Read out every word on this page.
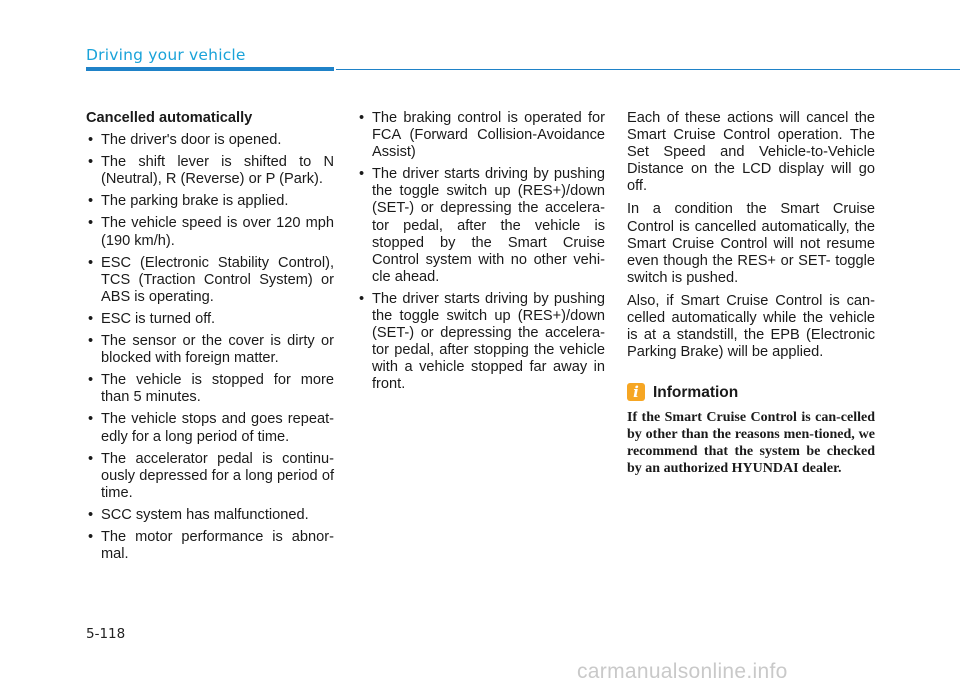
Driving your vehicle
Cancelled automatically
• The driver's door is opened.
• The shift lever is shifted to N (Neutral), R (Reverse) or P (Park).
• The parking brake is applied.
• The vehicle speed is over 120 mph (190 km/h).
• ESC (Electronic Stability Control), TCS (Traction Control System) or ABS is operating.
• ESC is turned off.
• The sensor or the cover is dirty or blocked with foreign matter.
• The vehicle is stopped for more than 5 minutes.
• The vehicle stops and goes repeat-edly for a long period of time.
• The accelerator pedal is continu-ously depressed for a long period of time.
• SCC system has malfunctioned.
• The motor performance is abnor-mal.
• The braking control is operated for FCA (Forward Collision-Avoidance Assist)
• The driver starts driving by pushing the toggle switch up (RES+)/down (SET-) or depressing the accelera-tor pedal, after the vehicle is stopped by the Smart Cruise Control system with no other vehi-cle ahead.
• The driver starts driving by pushing the toggle switch up (RES+)/down (SET-) or depressing the accelera-tor pedal, after stopping the vehicle with a vehicle stopped far away in front.

Each of these actions will cancel the Smart Cruise Control operation. The Set Speed and Vehicle-to-Vehicle Distance on the LCD display will go off.

In a condition the Smart Cruise Control is cancelled automatically, the Smart Cruise Control will not resume even though the RES+ or SET- toggle switch is pushed.

Also, if Smart Cruise Control is can-celled automatically while the vehicle is at a standstill, the EPB (Electronic Parking Brake) will be applied.

i Information

If the Smart Cruise Control is can-celled by other than the reasons men-tioned, we recommend that the system be checked by an authorized HYUNDAI dealer.

5-118
carmanualsonline.info
